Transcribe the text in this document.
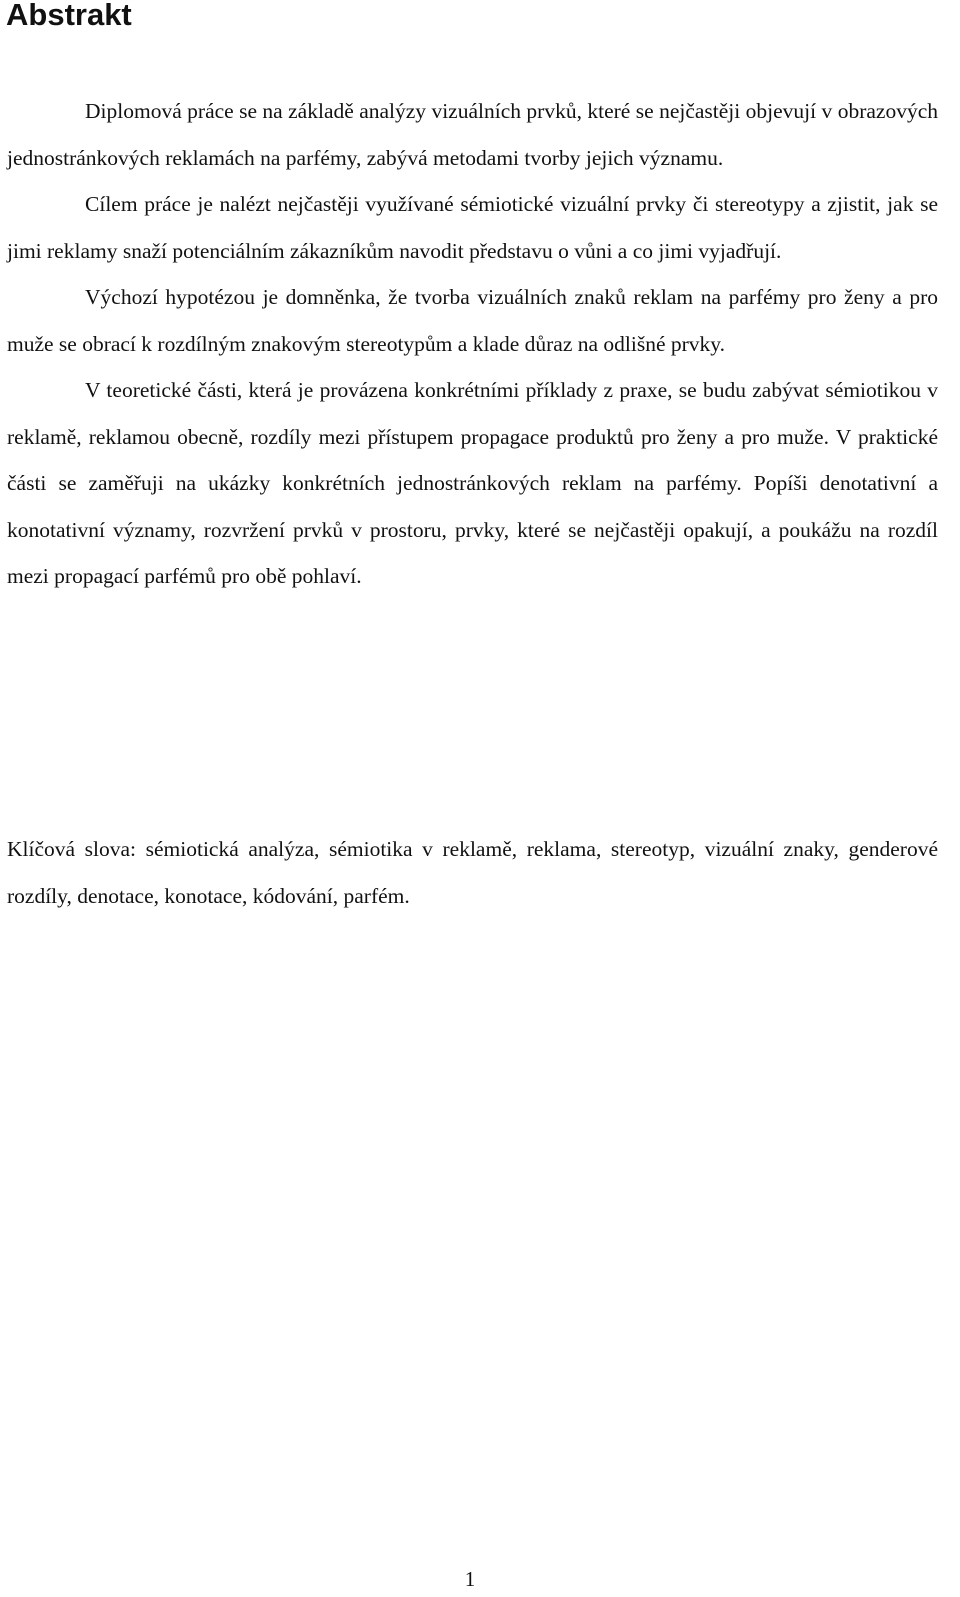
Abstrakt

Diplomová práce se na základě analýzy vizuálních prvků, které se nejčastěji objevují v obrazových jednostránkových reklamách na parfémy, zabývá metodami tvorby jejich významu.

Cílem práce je nalézt nejčastěji využívané sémiotické vizuální prvky či stereotypy a zjistit, jak se jimi reklamy snaží potenciálním zákazníkům navodit představu o vůni a co jimi vyjadřují.

Výchozí hypotézou je domněnka, že tvorba vizuálních znaků reklam na parfémy pro ženy a pro muže se obrací k rozdílným znakovým stereotypům a klade důraz na odlišné prvky.

V teoretické části, která je provázena konkrétními příklady z praxe, se budu zabývat sémiotikou v reklamě, reklamou obecně, rozdíly mezi přístupem propagace produktů pro ženy a pro muže. V praktické části se zaměřuji na ukázky konkrétních jednostránkových reklam na parfémy. Popíši denotativní a konotativní významy, rozvržení prvků v prostoru, prvky, které se nejčastěji opakují, a poukážu na rozdíl mezi propagací parfémů pro obě pohlaví.

Klíčová slova: sémiotická analýza, sémiotika v reklamě, reklama, stereotyp, vizuální znaky, genderové rozdíly, denotace, konotace, kódování, parfém.

1
